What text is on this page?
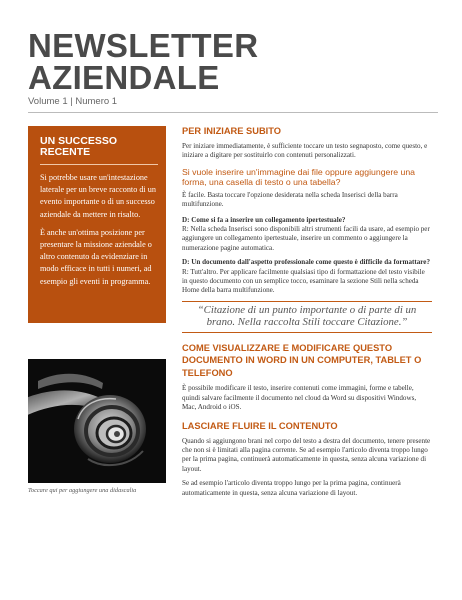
NEWSLETTER
AZIENDALE
Volume 1 | Numero 1
UN SUCCESSO
RECENTE

Si potrebbe usare un'intestazione laterale per un breve racconto di un evento importante o di un successo aziendale da mettere in risalto.

È anche un'ottima posizione per presentare la missione aziendale o altro contenuto da evidenziare in modo efficace in tutti i numeri, ad esempio gli eventi in programma.

Toccare qui per aggiungere una didascalia
PER INIZIARE SUBITO

Per iniziare immediatamente, è sufficiente toccare un testo segnaposto, come questo, e iniziare a digitare per sostituirlo con contenuti personalizzati.

Si vuole inserire un'immagine dai file oppure aggiungere una forma, una casella di testo o una tabella?

È facile. Basta toccare l'opzione desiderata nella scheda Inserisci della barra multifunzione.

D: Come si fa a inserire un collegamento ipertestuale?
R: Nella scheda Inserisci sono disponibili altri strumenti facili da usare, ad esempio per aggiungere un collegamento ipertestuale, inserire un commento o aggiungere la numerazione pagine automatica.

D: Un documento dall'aspetto professionale come questo è difficile da formattare?
R: Tutt'altro. Per applicare facilmente qualsiasi tipo di formattazione del testo visibile in questo documento con un semplice tocco, esaminare la sezione Stili nella scheda Home della barra multifunzione.

“Citazione di un punto importante o di parte di un brano. Nella raccolta Stili toccare Citazione.”
COME VISUALIZZARE E MODIFICARE QUESTO DOCUMENTO IN WORD IN UN COMPUTER, TABLET O TELEFONO

È possibile modificare il testo, inserire contenuti come immagini, forme e tabelle, quindi salvare facilmente il documento nel cloud da Word su dispositivi Windows, Mac, Android o iOS.

LASCIARE FLUIRE IL CONTENUTO

Quando si aggiungono brani nel corpo del testo a destra del documento, tenere presente che non si è limitati alla pagina corrente. Se ad esempio l'articolo diventa troppo lungo per la prima pagina, continuerà automaticamente in questa, senza alcuna variazione di layout.

Se ad esempio l'articolo diventa troppo lungo per la prima pagina, continuerà automaticamente in questa, senza alcuna variazione di layout.
